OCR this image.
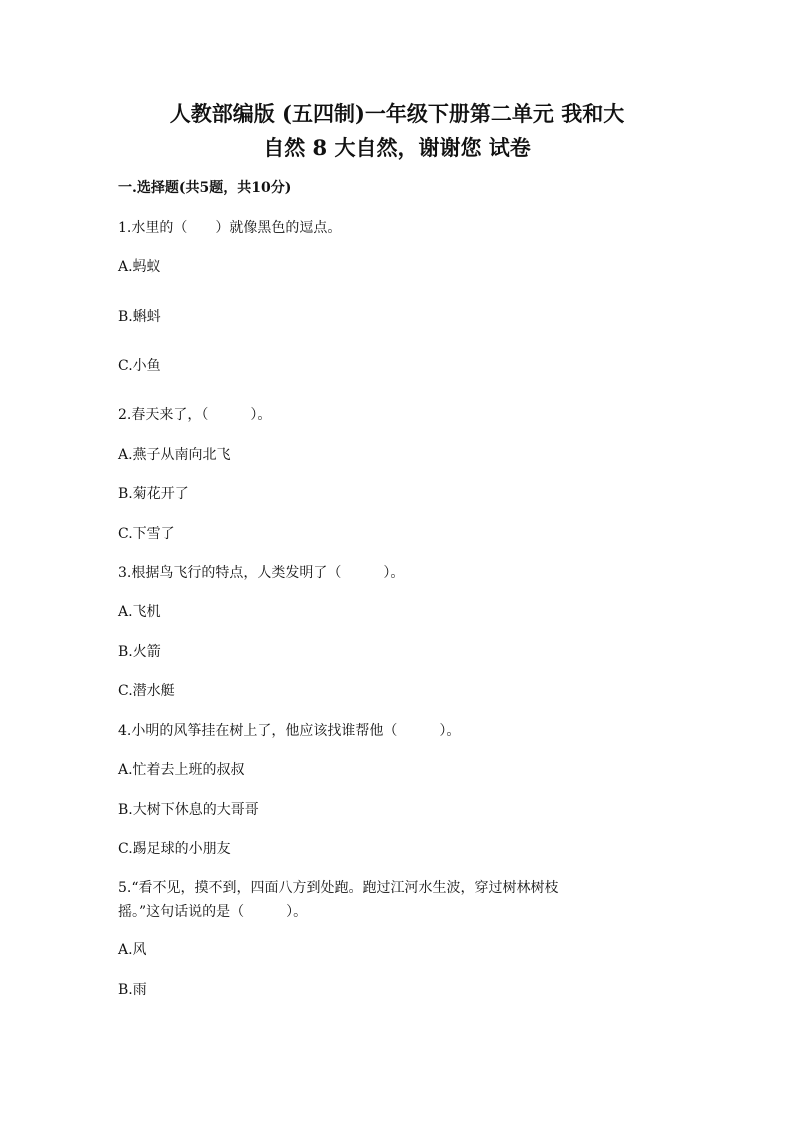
人教部编版 (五四制)一年级下册第二单元 我和大
自然 8 大自然，谢谢您 试卷
一.选择题(共5题，共10分)
1.水里的（　　）就像黑色的逗点。
A.蚂蚁
B.蝌蚪
C.小鱼
2.春天来了，（　　　）。
A.燕子从南向北飞
B.菊花开了
C.下雪了
3.根据鸟飞行的特点，人类发明了（　　　）。
A.飞机
B.火箭
C.潜水艇
4.小明的风筝挂在树上了，他应该找谁帮他（　　　）。
A.忙着去上班的叔叔
B.大树下休息的大哥哥
C.踢足球的小朋友
5.“看不见，摸不到，四面八方到处跑。跑过江河水生波，穿过树林树枝
摇。”这句话说的是（　　　）。
A.风
B.雨
